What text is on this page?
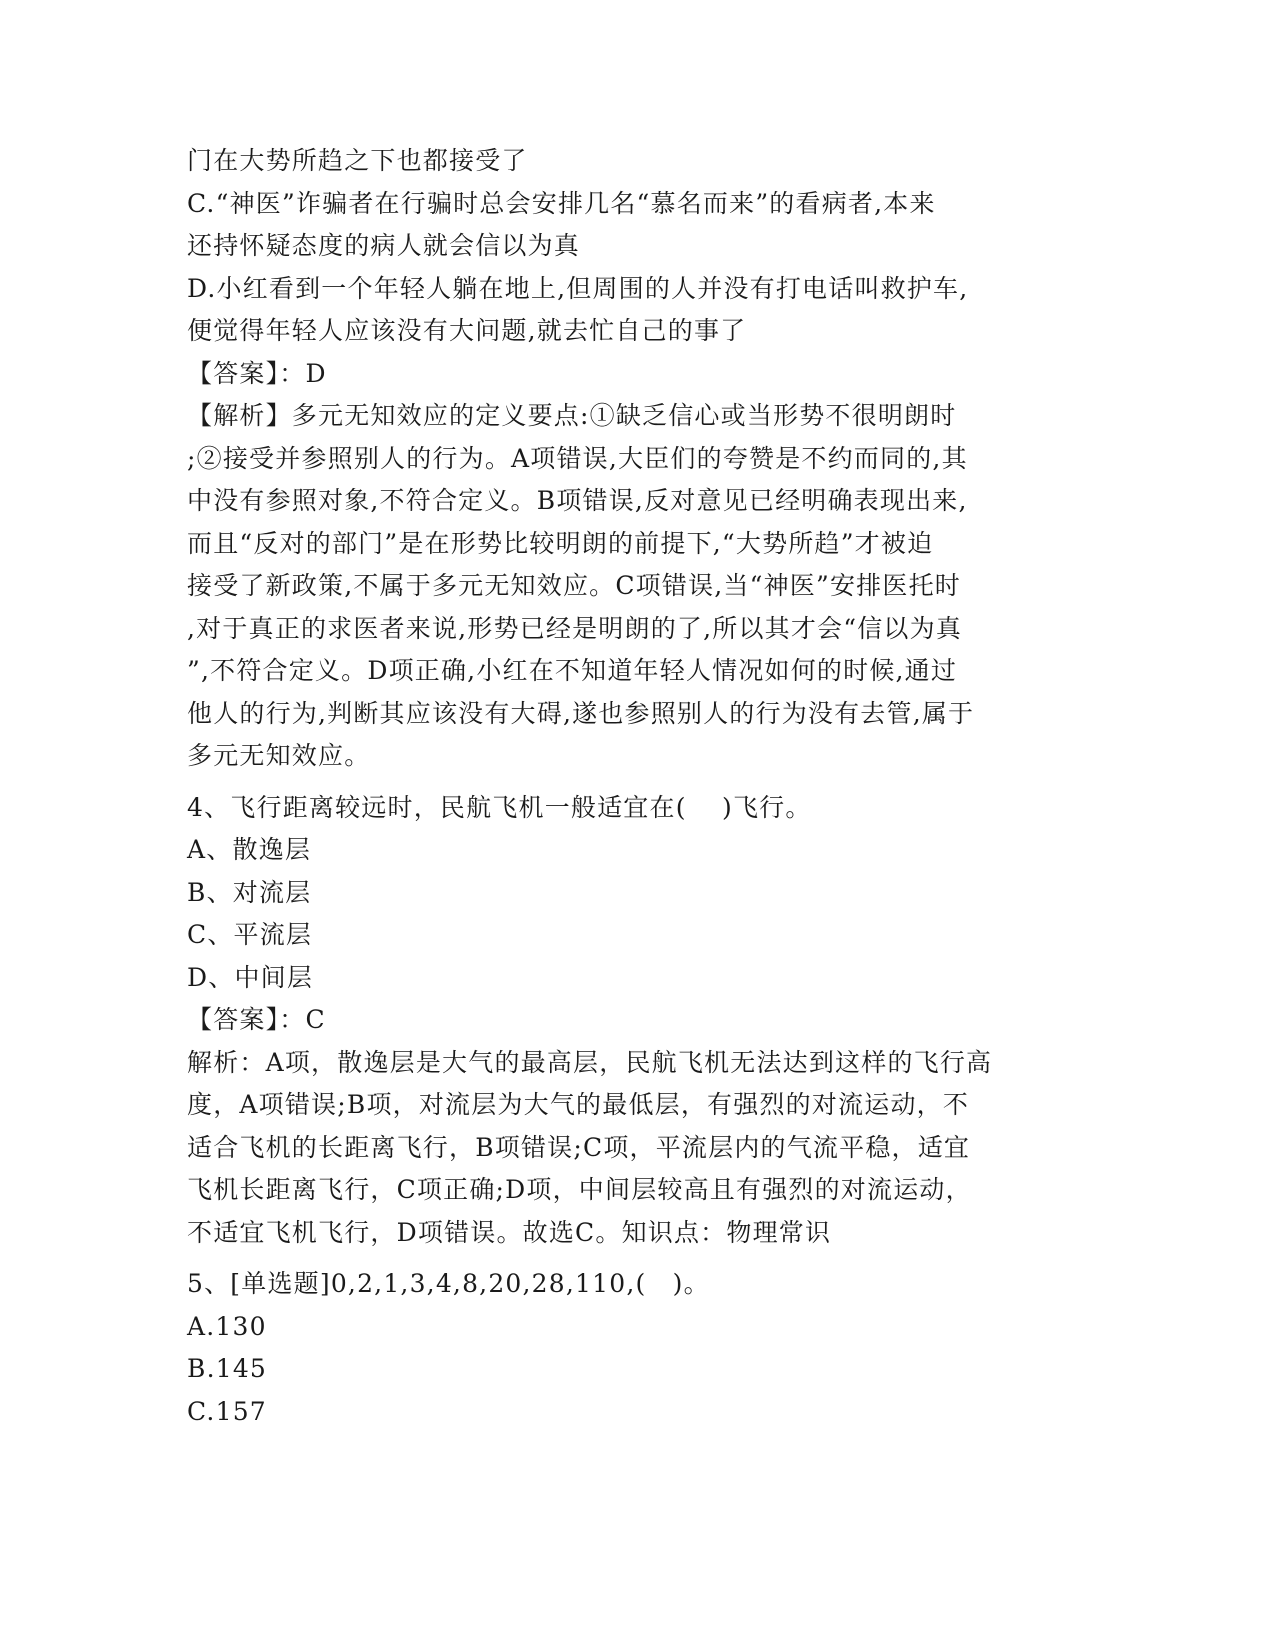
门在大势所趋之下也都接受了
C.“神医”诈骗者在行骗时总会安排几名“慕名而来”的看病者,本来
还持怀疑态度的病人就会信以为真
D.小红看到一个年轻人躺在地上,但周围的人并没有打电话叫救护车,
便觉得年轻人应该没有大问题,就去忙自己的事了
【答案】：D
【解析】多元无知效应的定义要点:①缺乏信心或当形势不很明朗时
;②接受并参照别人的行为。A项错误,大臣们的夸赞是不约而同的,其
中没有参照对象,不符合定义。B项错误,反对意见已经明确表现出来,
而且“反对的部门”是在形势比较明朗的前提下,“大势所趋”才被迫
接受了新政策,不属于多元无知效应。C项错误,当“神医”安排医托时
,对于真正的求医者来说,形势已经是明朗的了,所以其才会“信以为真
”,不符合定义。D项正确,小红在不知道年轻人情况如何的时候,通过
他人的行为,判断其应该没有大碍,遂也参照别人的行为没有去管,属于
多元无知效应。
4、飞行距离较远时，民航飞机一般适宜在(　 )飞行。
A、散逸层
B、对流层
C、平流层
D、中间层
【答案】：C
解析：A项，散逸层是大气的最高层，民航飞机无法达到这样的飞行高
度，A项错误;B项，对流层为大气的最低层，有强烈的对流运动，不
适合飞机的长距离飞行，B项错误;C项，平流层内的气流平稳，适宜
飞机长距离飞行，C项正确;D项，中间层较高且有强烈的对流运动，
不适宜飞机飞行，D项错误。故选C。知识点：物理常识
5、[单选题]0,2,1,3,4,8,20,28,110,(　)。
A.130
B.145
C.157
